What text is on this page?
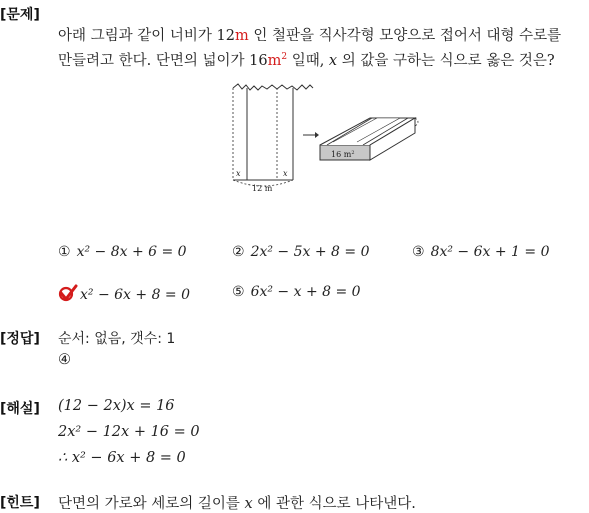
[문제]
아래 그림과 같이 너비가 12m 인 철판을 직사각형 모양으로 접어서 대형 수로를
만들려고 한다. 단면의 넓이가 $16m^2$ 일때, x 의 값을 구하는 식으로 옳은 것은?
x	x
12 m
16 $m^2$
① x² − 8x + 6 = 0	② 2x² − 5x + 8 = 0	③ 8x² − 6x + 1 = 0
x² − 6x + 8 = 0	⑤ 6x² − x + 8 = 0
[정답] 순서: 없음, 갯수: 1
④
[해설] (12 − 2x)x = 16
2x² − 12x + 16 = 0
∴ x² − 6x + 8 = 0
[힌트] 단면의 가로와 세로의 길이를 x 에 관한 식으로 나타낸다.
